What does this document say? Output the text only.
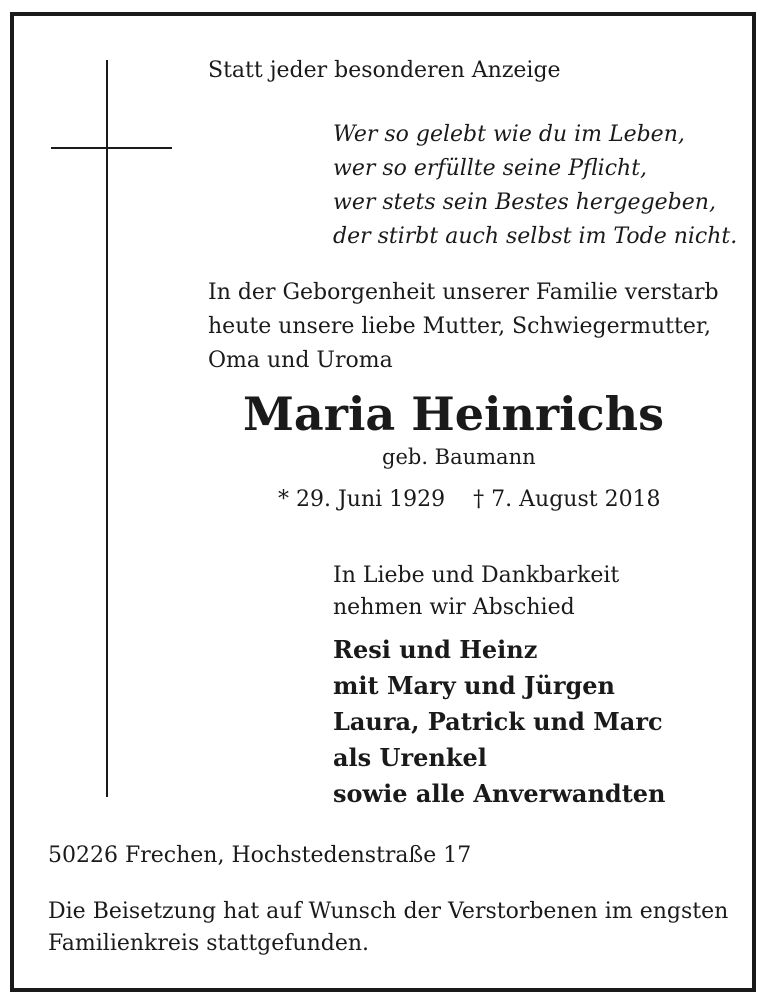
Statt jeder besonderen Anzeige
Wer so gelebt wie du im Leben,
wer so erfüllte seine Pflicht,
wer stets sein Bestes hergegeben,
der stirbt auch selbst im Tode nicht.
In der Geborgenheit unserer Familie verstarb
heute unsere liebe Mutter, Schwiegermutter,
Oma und Uroma
Maria Heinrichs
geb. Baumann
* 29. Juni 1929 † 7. August 2018
In Liebe und Dankbarkeit
nehmen wir Abschied
Resi und Heinz
mit Mary und Jürgen
Laura, Patrick und Marc
als Urenkel
sowie alle Anverwandten
50226 Frechen, Hochstedenstraße 17
Die Beisetzung hat auf Wunsch der Verstorbenen im engsten
Familienkreis stattgefunden.
